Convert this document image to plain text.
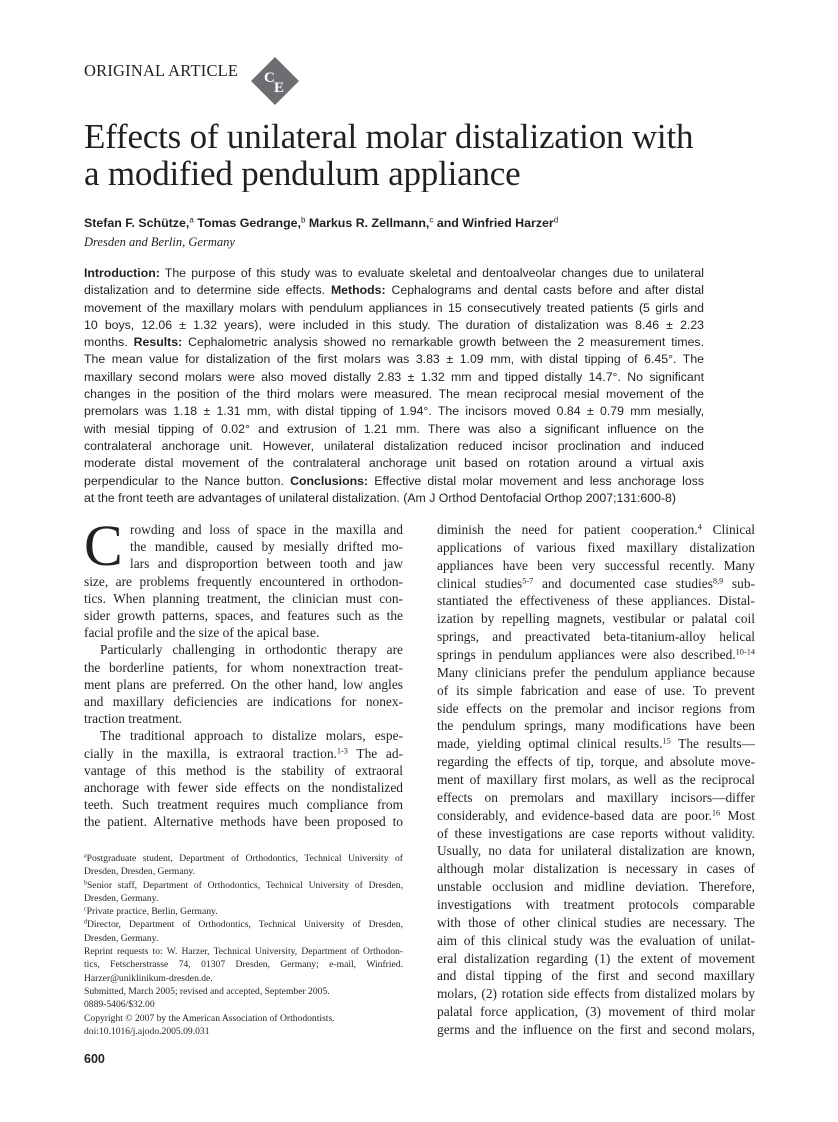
ORIGINAL ARTICLE C
E
Effects of unilateral molar distalization with
a modified pendulum appliance
Stefan F. Schütze,$^a$ Tomas Gedrange,$^b$ Markus R. Zellmann,$^c$ and Winfried Harzer$^d$
Dresden and Berlin, Germany
Introduction: The purpose of this study was to evaluate skeletal and dentoalveolar changes due to unilateral
distalization and to determine side effects. Methods: Cephalograms and dental casts before and after distal
movement of the maxillary molars with pendulum appliances in 15 consecutively treated patients (5 girls and
10 boys, 12.06 ± 1.32 years), were included in this study. The duration of distalization was 8.46 ± 2.23
months. Results: Cephalometric analysis showed no remarkable growth between the 2 measurement times.
The mean value for distalization of the first molars was 3.83 ± 1.09 mm, with distal tipping of 6.45°. The
maxillary second molars were also moved distally 2.83 ± 1.32 mm and tipped distally 14.7°. No significant
changes in the position of the third molars were measured. The mean reciprocal mesial movement of the
premolars was 1.18 ± 1.31 mm, with distal tipping of 1.94°. The incisors moved 0.84 ± 0.79 mm mesially,
with mesial tipping of 0.02° and extrusion of 1.21 mm. There was also a significant influence on the
contralateral anchorage unit. However, unilateral distalization reduced incisor proclination and induced
moderate distal movement of the contralateral anchorage unit based on rotation around a virtual axis
perpendicular to the Nance button. Conclusions: Effective distal molar movement and less anchorage loss
at the front teeth are advantages of unilateral distalization. (Am J Orthod Dentofacial Orthop 2007;131:600-8)
C rowding and loss of space in the maxilla and
the mandible, caused by mesially drifted mo-
lars and disproportion between tooth and jaw
size, are problems frequently encountered in orthodon-
tics. When planning treatment, the clinician must con-
sider growth patterns, spaces, and features such as the
facial profile and the size of the apical base.
Particularly challenging in orthodontic therapy are
the borderline patients, for whom nonextraction treat-
ment plans are preferred. On the other hand, low angles
and maxillary deficiencies are indications for nonex-
traction treatment.
The traditional approach to distalize molars, espe-
cially in the maxilla, is extraoral traction.$^{1-3}$ The ad-
vantage of this method is the stability of extraoral
anchorage with fewer side effects on the nondistalized
teeth. Such treatment requires much compliance from
the patient. Alternative methods have been proposed to
diminish the need for patient cooperation.$^4$ Clinical
applications of various fixed maxillary distalization
appliances have been very successful recently. Many
clinical studies$^{5-7}$ and documented case studies$^{8,9}$ sub-
stantiated the effectiveness of these appliances. Distal-
ization by repelling magnets, vestibular or palatal coil
springs, and preactivated beta-titanium-alloy helical
springs in pendulum appliances were also described.$^{10-14}$
Many clinicians prefer the pendulum appliance because
of its simple fabrication and ease of use. To prevent
side effects on the premolar and incisor regions from
the pendulum springs, many modifications have been
made, yielding optimal clinical results.$^{15}$ The results—
regarding the effects of tip, torque, and absolute move-
ment of maxillary first molars, as well as the reciprocal
effects on premolars and maxillary incisors—differ
considerably, and evidence-based data are poor.$^{16}$ Most
of these investigations are case reports without validity.
Usually, no data for unilateral distalization are known,
although molar distalization is necessary in cases of
unstable occlusion and midline deviation. Therefore,
investigations with treatment protocols comparable
with those of other clinical studies are necessary. The
aim of this clinical study was the evaluation of unilat-
eral distalization regarding (1) the extent of movement
and distal tipping of the first and second maxillary
molars, (2) rotation side effects from distalized molars by
palatal force application, (3) movement of third molar
germs and the influence on the first and second molars,
$^a$Postgraduate student, Department of Orthodontics, Technical University of
Dresden, Dresden, Germany.
$^b$Senior staff, Department of Orthodontics, Technical University of Dresden,
Dresden, Germany.
$^c$Private practice, Berlin, Germany.
$^d$Director, Department of Orthodontics, Technical University of Dresden,
Dresden, Germany.
Reprint requests to: W. Harzer, Technical University, Department of Orthodon-
tics, Fetscherstrasse 74, 01307 Dresden, Germany; e-mail, Winfried.
Harzer@uniklinikum-dresden.de.
Submitted, March 2005; revised and accepted, September 2005.
0889-5406/$32.00
Copyright © 2007 by the American Association of Orthodontists.
doi:10.1016/j.ajodo.2005.09.031
600
